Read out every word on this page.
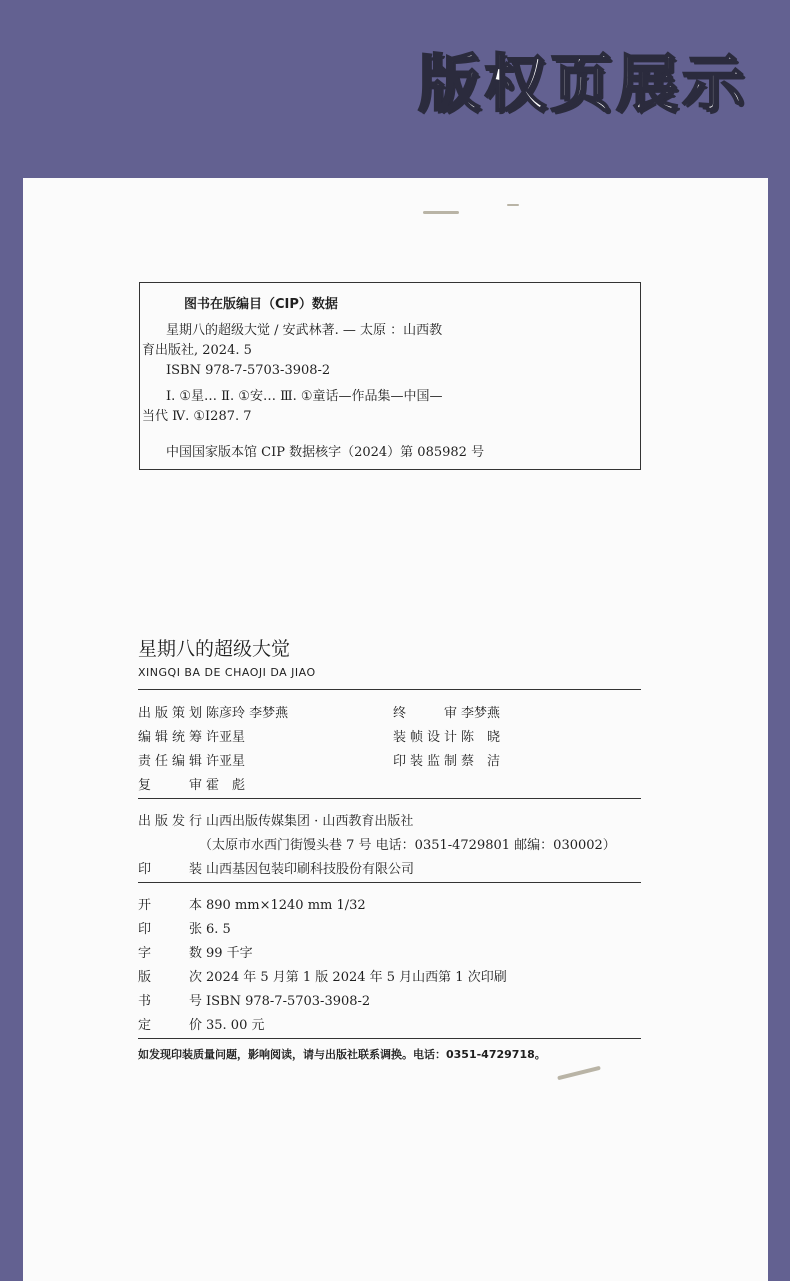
版权页展示
图书在版编目（CIP）数据
星期八的超级大觉 / 安武林著. — 太原 ：山西教
育出版社, 2024. 5
ISBN 978-7-5703-3908-2
Ⅰ. ①星… Ⅱ. ①安… Ⅲ. ①童话—作品集—中国—
当代 Ⅳ. ①I287. 7
中国国家版本馆 CIP 数据核字（2024）第 085982 号
星期八的超级大觉
XINGQI BA DE CHAOJI DA JIAO
出版策划 陈彦玲 李梦燕	终　审 李梦燕
编辑统筹 许亚星	装帧设计 陈　晓
责任编辑 许亚星	印装监制 蔡　洁
复　审 霍　彪
出版发行 山西出版传媒集团 · 山西教育出版社
（太原市水西门街馒头巷 7 号 电话：0351-4729801 邮编：030002）
印　装 山西基因包装印刷科技股份有限公司
开　本 890 mm×1240 mm 1/32
印　张 6. 5
字　数 99 千字
版　次 2024 年 5 月第 1 版 2024 年 5 月山西第 1 次印刷
书　号 ISBN 978-7-5703-3908-2
定　价 35. 00 元
如发现印装质量问题，影响阅读，请与出版社联系调换。电话：0351-4729718。
